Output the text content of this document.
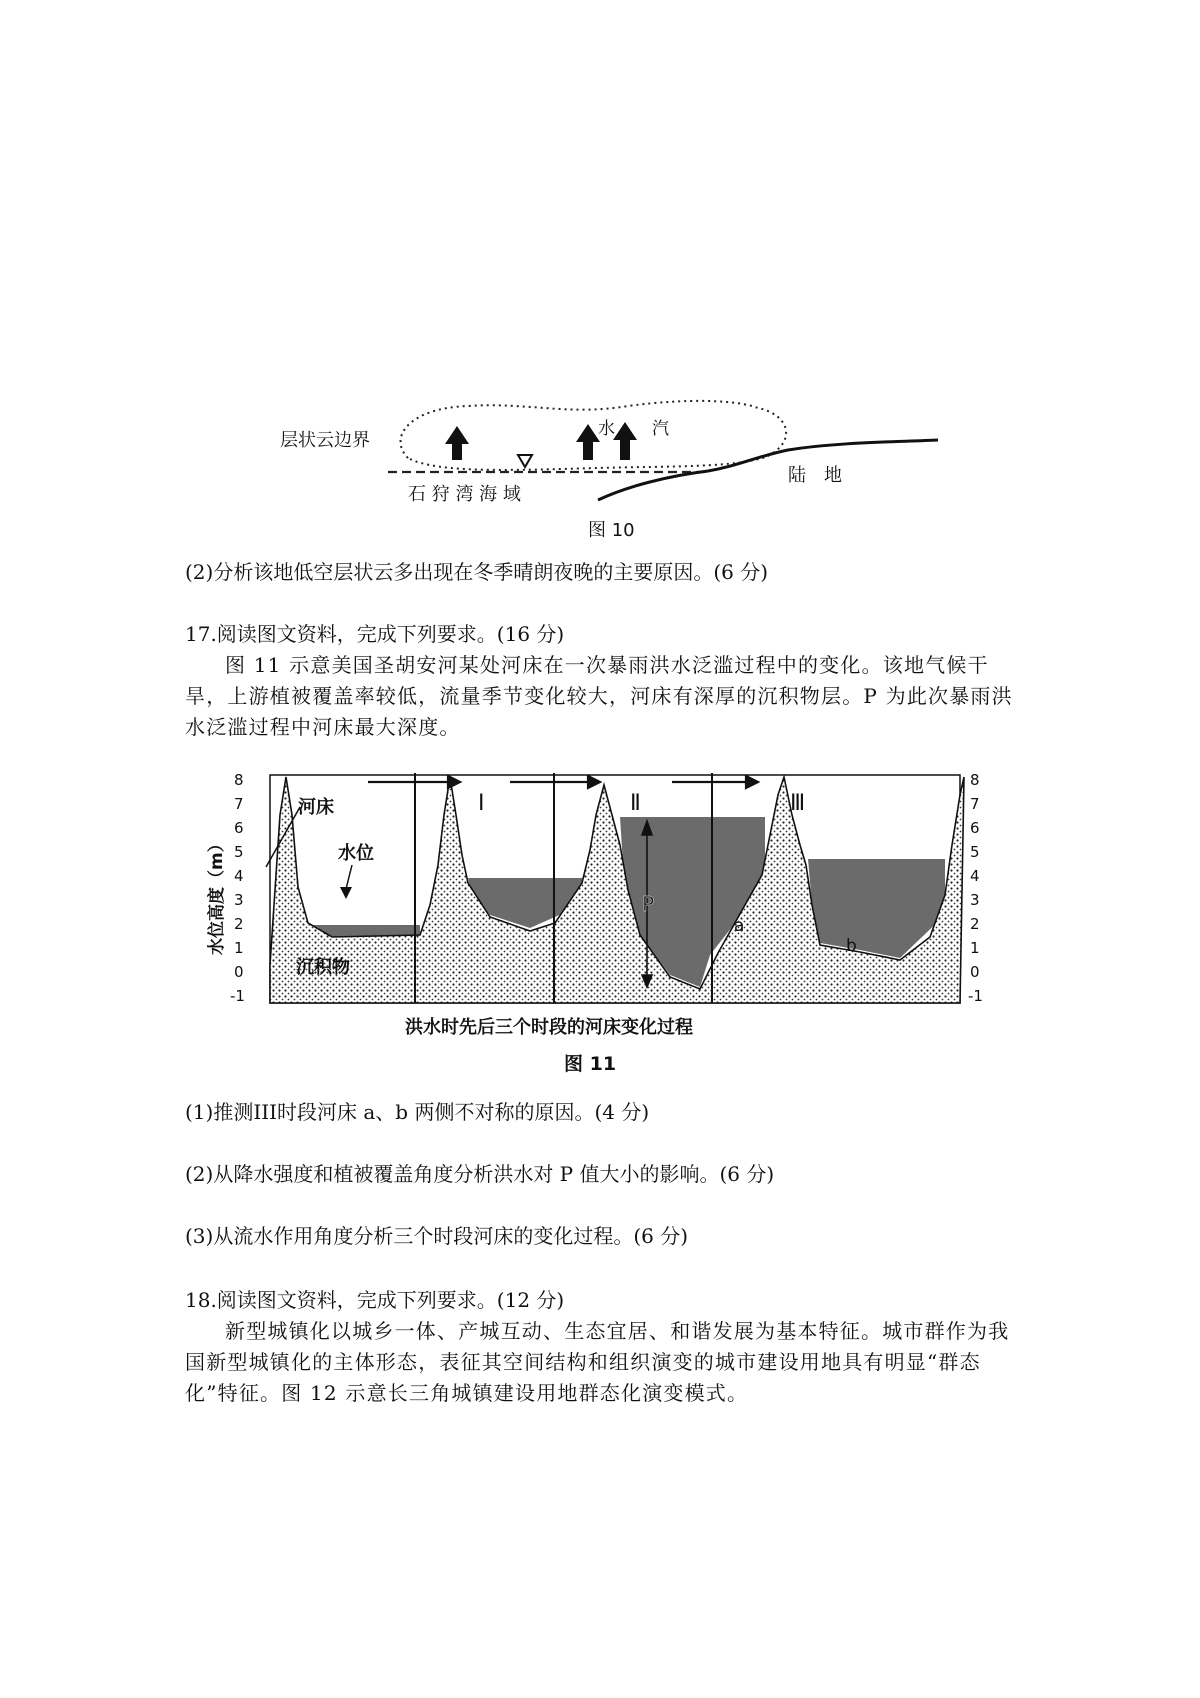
层状云边界
水 汽
石 狩 湾 海 域
陆　地
图 10
(2)分析该地低空层状云多出现在冬季晴朗夜晚的主要原因。(6 分)
17.阅读图文资料，完成下列要求。(16 分)

图 11 示意美国圣胡安河某处河床在一次暴雨洪水泛滥过程中的变化。该地气候干旱，上游植被覆盖率较低，流量季节变化较大，河床有深厚的沉积物层。P 为此次暴雨洪水泛滥过程中河床最大深度。

8
7
6
5
4
3
2
1
0
-1
8
7
6
5
4
3
2
1
0
-1
水位高度（m）
河床
水位
沉积物
Ⅰ	Ⅱ	Ⅲ
P
a
b
洪水时先后三个时段的河床变化过程
图 11
(1)推测III时段河床 a、b 两侧不对称的原因。(4 分)
(2)从降水强度和植被覆盖角度分析洪水对 P 值大小的影响。(6 分)
(3)从流水作用角度分析三个时段河床的变化过程。(6 分)
18.阅读图文资料，完成下列要求。(12 分)

新型城镇化以城乡一体、产城互动、生态宜居、和谐发展为基本特征。城市群作为我国新型城镇化的主体形态，表征其空间结构和组织演变的城市建设用地具有明显“群态化”特征。图 12 示意长三角城镇建设用地群态化演变模式。
